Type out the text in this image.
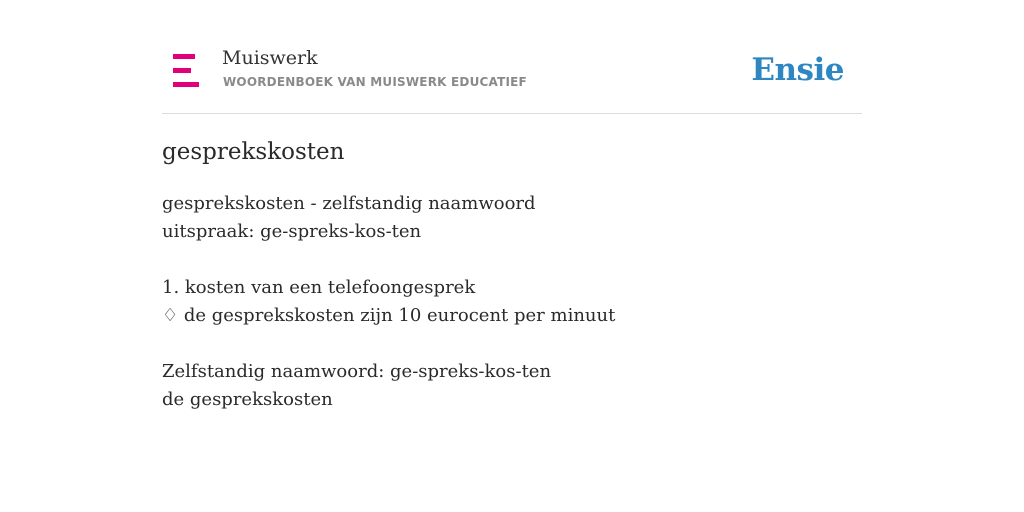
Muiswerk
WOORDENBOEK VAN MUISWERK EDUCATIEF	Ensie
gesprekskosten
gesprekskosten - zelfstandig naamwoord
uitspraak: ge-spreks-kos-ten
1. kosten van een telefoongesprek
♢ de gesprekskosten zijn 10 eurocent per minuut
Zelfstandig naamwoord: ge-spreks-kos-ten
de gesprekskosten
